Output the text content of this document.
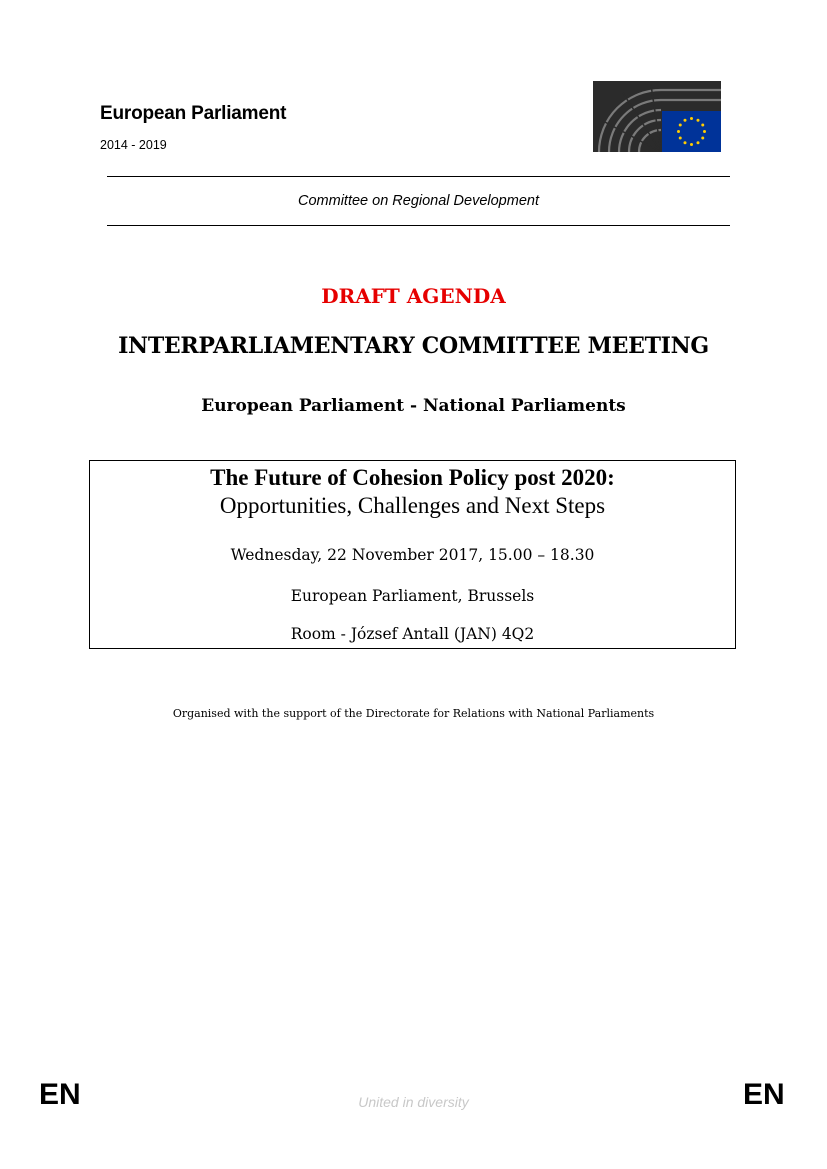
European Parliament
2014 - 2019
Committee on Regional Development
DRAFT AGENDA
INTERPARLIAMENTARY COMMITTEE MEETING
European Parliament - National Parliaments
The Future of Cohesion Policy post 2020:
Opportunities, Challenges and Next Steps
Wednesday, 22 November 2017, 15.00 – 18.30
European Parliament, Brussels
Room - József Antall (JAN) 4Q2
Organised with the support of the Directorate for Relations with National Parliaments
EN	United in diversity	EN
